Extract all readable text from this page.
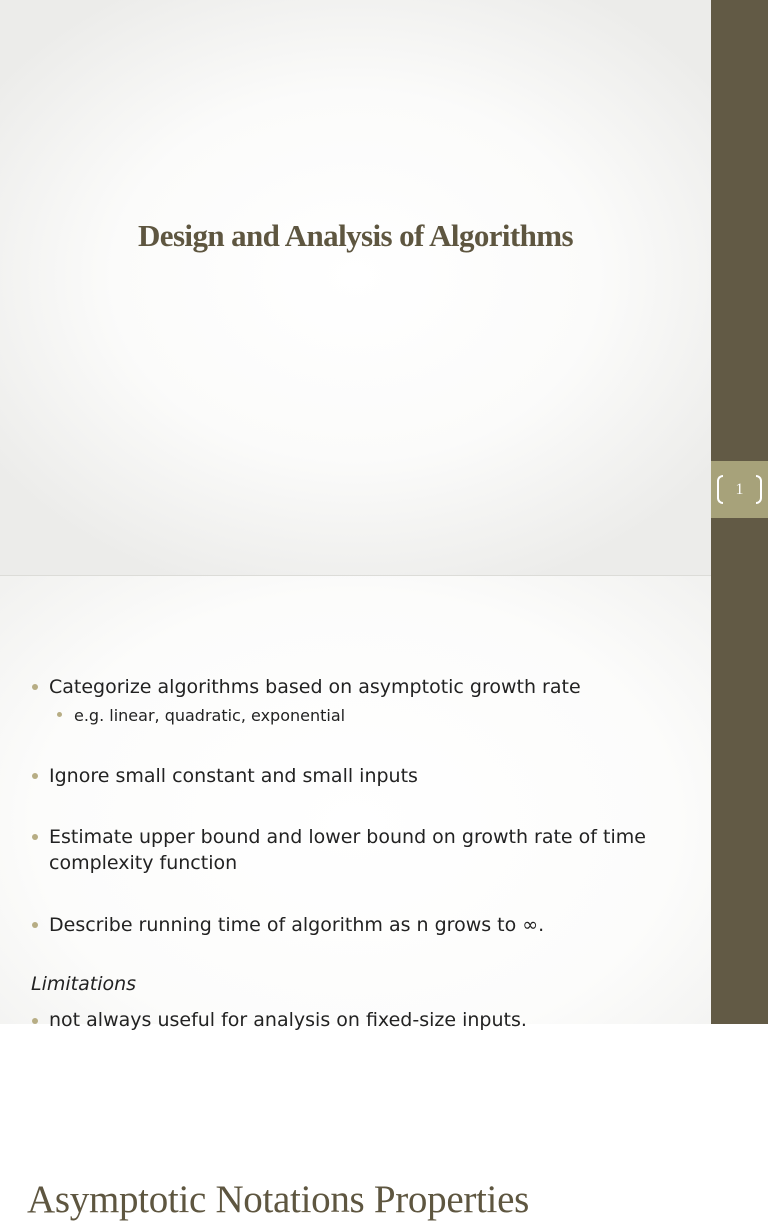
Design and Analysis of Algorithms
Asymptotic Notations Properties
Categorize algorithms based on asymptotic growth rate
e.g. linear, quadratic, exponential
Ignore small constant and small inputs
Estimate upper bound and lower bound on growth rate of time
complexity function
Describe running time of algorithm as n grows to ∞.
Limitations
not always useful for analysis on fixed-size inputs.
1
